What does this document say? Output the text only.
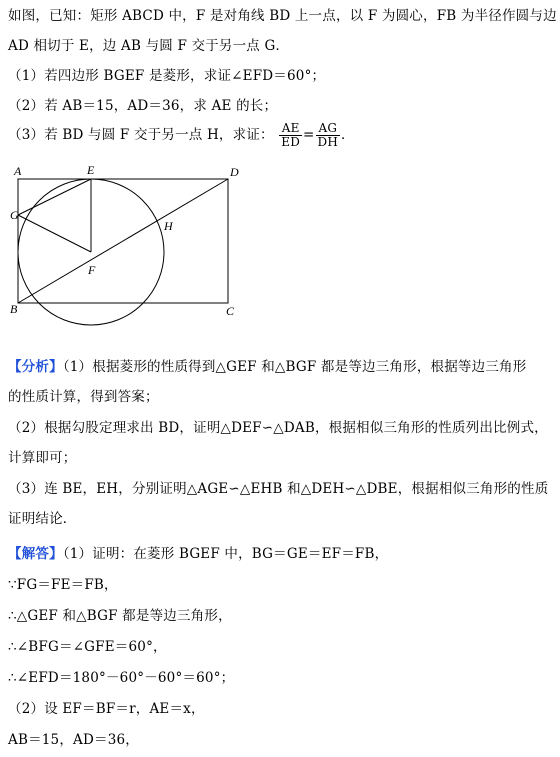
如图，已知：矩形 ABCD 中，F 是对角线 BD 上一点，以 F 为圆心，FB 为半径作圆与边
AD 相切于 E，边 AB 与圆 F 交于另一点 G．
（1）若四边形 BGEF 是菱形，求证∠EFD＝60°；
（2）若 AB＝15，AD＝36，求 AE 的长；
（3）若 BD 与圆 F 交于另一点 H，求证： $\frac{AE}{ED} = \frac{AG}{DH}$ ．
A	E	D
G
H
F
B	C
【分析】（1）根据菱形的性质得到△GEF 和△BGF 都是等边三角形，根据等边三角形
的性质计算，得到答案；
（2）根据勾股定理求出 BD，证明△DEF∽△DAB，根据相似三角形的性质列出比例式，
计算即可；
（3）连 BE，EH，分别证明△AGE∽△EHB 和△DEH∽△DBE，根据相似三角形的性质
证明结论．
【解答】（1）证明：在菱形 BGEF 中，BG＝GE＝EF＝FB，
∵FG＝FE＝FB，
∴△GEF 和△BGF 都是等边三角形，
∴∠BFG＝∠GFE＝60°，
∴∠EFD＝180°－60°－60°＝60°；
（2）设 EF＝BF＝r，AE＝x，
AB＝15，AD＝36，
